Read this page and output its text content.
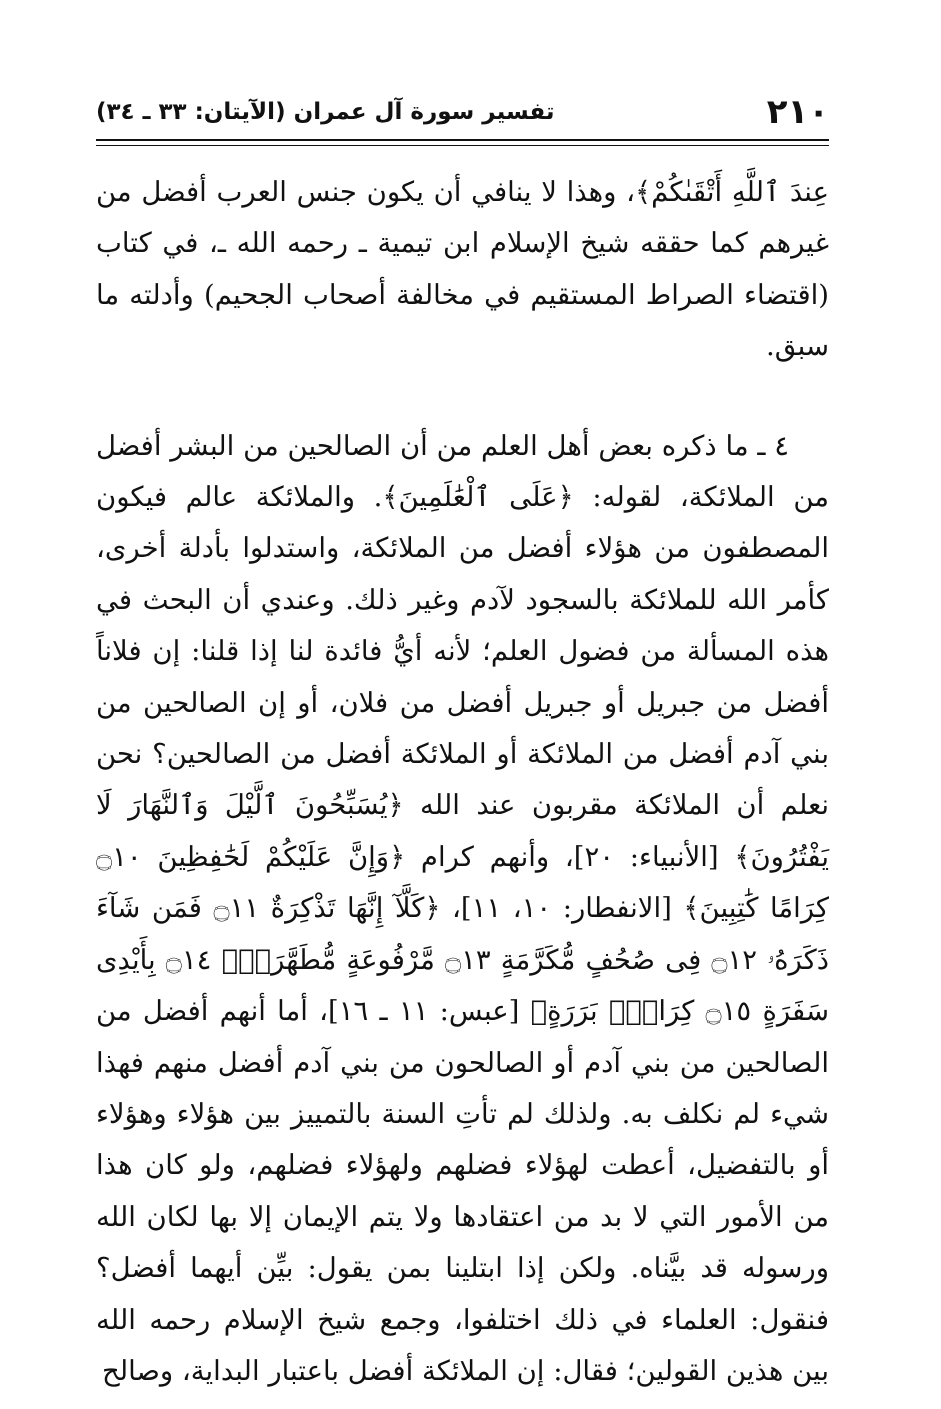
٢١٠
تفسير سورة آل عمران (الآيتان: ٣٣ ـ ٣٤)

عِندَ ٱللَّهِ أَتْقَىٰكُمْ﴾، وهذا لا ينافي أن يكون جنس العرب أفضل من غيرهم كما حققه شيخ الإسلام ابن تيمية ـ رحمه الله ـ، في كتاب (اقتضاء الصراط المستقيم في مخالفة أصحاب الجحيم) وأدلته ما سبق.

٤ ـ ما ذكره بعض أهل العلم من أن الصالحين من البشر أفضل من الملائكة، لقوله: ﴿عَلَى ٱلْعَٰلَمِينَ﴾. والملائكة عالم فيكون المصطفون من هؤلاء أفضل من الملائكة، واستدلوا بأدلة أخرى، كأمر الله للملائكة بالسجود لآدم وغير ذلك. وعندي أن البحث في هذه المسألة من فضول العلم؛ لأنه أيُّ فائدة لنا إذا قلنا: إن فلاناً أفضل من جبريل أو جبريل أفضل من فلان، أو إن الصالحين من بني آدم أفضل من الملائكة أو الملائكة أفضل من الصالحين؟ نحن نعلم أن الملائكة مقربون عند الله ﴿يُسَبِّحُونَ ٱلَّيْلَ وَٱلنَّهَارَ لَا يَفْتُرُونَ﴾ [الأنبياء: ٢٠]، وأنهم كرام ﴿وَإِنَّ عَلَيْكُمْ لَحَٰفِظِينَ ۝١٠ كِرَامًا كَٰتِبِينَ﴾ [الانفطار: ١٠، ١١]، ﴿كَلَّآ إِنَّهَا تَذْكِرَةٌ ۝١١ فَمَن شَآءَ ذَكَرَهُۥ ۝١٢ فِى صُحُفٍ مُّكَرَّمَةٍ ۝١٣ مَّرْفُوعَةٍ مُّطَهَّرَةٍۭ ۝١٤ بِأَيْدِى سَفَرَةٍ ۝١٥ كِرَامٍۭ بَرَرَةٍ﴾ [عبس: ١١ ـ ١٦]، أما أنهم أفضل من الصالحين من بني آدم أو الصالحون من بني آدم أفضل منهم فهذا شيء لم نكلف به. ولذلك لم تأتِ السنة بالتمييز بين هؤلاء وهؤلاء أو بالتفضيل، أعطت لهؤلاء فضلهم ولهؤلاء فضلهم، ولو كان هذا من الأمور التي لا بد من اعتقادها ولا يتم الإيمان إلا بها لكان الله ورسوله قد بيَّناه. ولكن إذا ابتلينا بمن يقول: بيِّن أيهما أفضل؟ فنقول: العلماء في ذلك اختلفوا، وجمع شيخ الإسلام رحمه الله بين هذين القولين؛ فقال: إن الملائكة أفضل باعتبار البداية، وصالح
